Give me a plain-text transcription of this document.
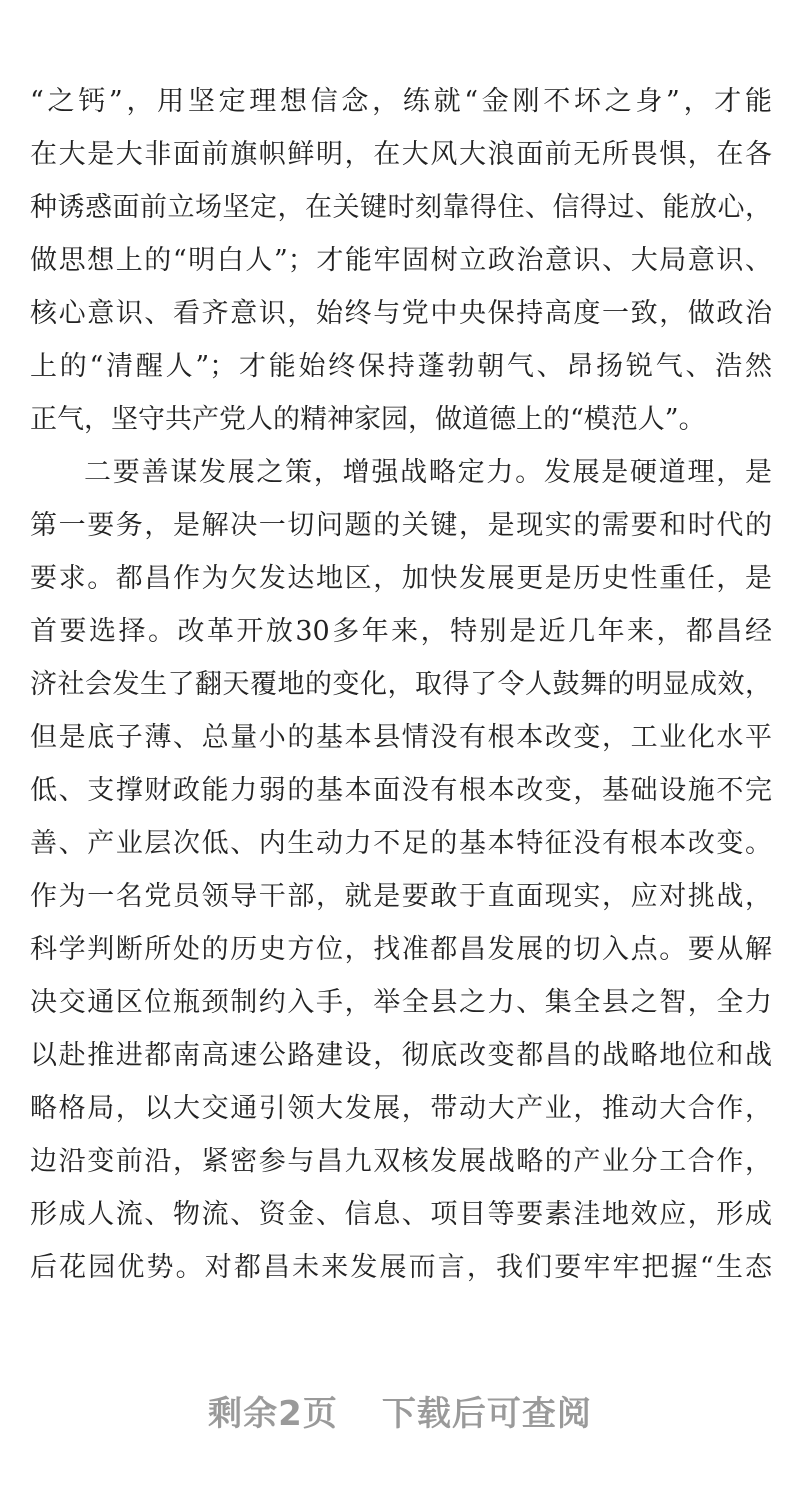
“之钙”，用坚定理想信念，练就“金刚不坏之身”，才能
在大是大非面前旗帜鲜明，在大风大浪面前无所畏惧，在各
种诱惑面前立场坚定，在关键时刻靠得住、信得过、能放心，
做思想上的“明白人”；才能牢固树立政治意识、大局意识、
核心意识、看齐意识，始终与党中央保持高度一致，做政治
上的“清醒人”；才能始终保持蓬勃朝气、昂扬锐气、浩然
正气，坚守共产党人的精神家园，做道德上的“模范人”。
二要善谋发展之策，增强战略定力。发展是硬道理，是
第一要务，是解决一切问题的关键，是现实的需要和时代的
要求。都昌作为欠发达地区，加快发展更是历史性重任，是
首要选择。改革开放30多年来，特别是近几年来，都昌经
济社会发生了翻天覆地的变化，取得了令人鼓舞的明显成效，
但是底子薄、总量小的基本县情没有根本改变，工业化水平
低、支撑财政能力弱的基本面没有根本改变，基础设施不完
善、产业层次低、内生动力不足的基本特征没有根本改变。
作为一名党员领导干部，就是要敢于直面现实，应对挑战，
科学判断所处的历史方位，找准都昌发展的切入点。要从解
决交通区位瓶颈制约入手，举全县之力、集全县之智，全力
以赴推进都南高速公路建设，彻底改变都昌的战略地位和战
略格局，以大交通引领大发展，带动大产业，推动大合作，
边沿变前沿，紧密参与昌九双核发展战略的产业分工合作，
形成人流、物流、资金、信息、项目等要素洼地效应，形成
后花园优势。对都昌未来发展而言，我们要牢牢把握“生态
剩余2页 下载后可查阅
